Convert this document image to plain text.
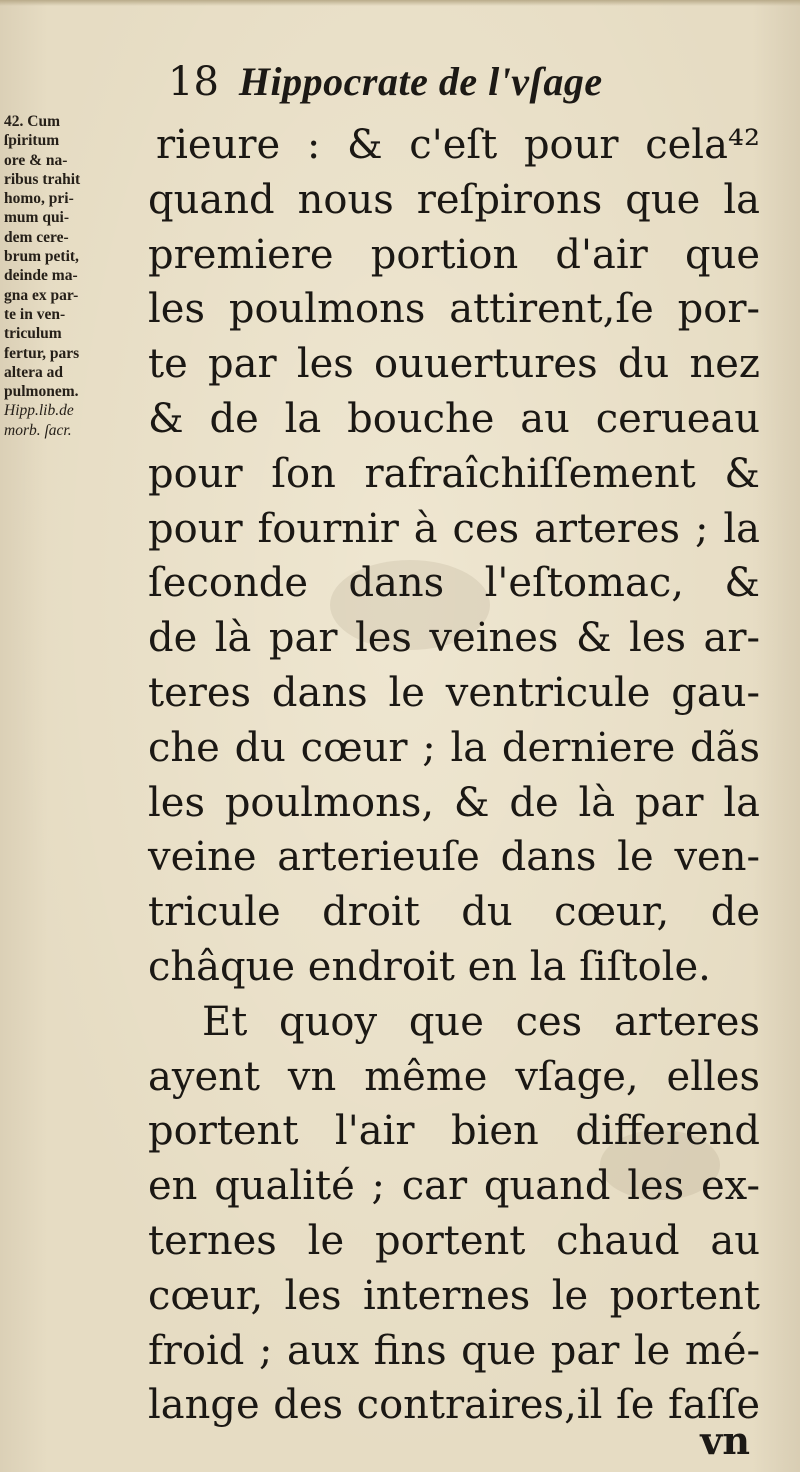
18 Hippocrate de l'vſage
42. Cum
ſpiritum
ore & na-
ribus trahit
homo, pri-
mum qui-
dem cere-
brum petit,
deinde ma-
gna ex par-
te in ven-
triculum
fertur, pars
altera ad
pulmonem.
Hipp.lib.de
morb. ſacr.
rieure : & c'eſt pour cela⁴²
quand nous reſpirons que la
premiere portion d'air que
les poulmons attirent,ſe por-
te par les ouuertures du nez
& de la bouche au cerueau
pour ſon rafraîchiſſement &
pour fournir à ces arteres ; la
ſeconde dans l'eſtomac, &
de là par les veines & les ar-
teres dans le ventricule gau-
che du cœur ; la derniere dãs
les poulmons, & de là par la
veine arterieuſe dans le ven-
tricule droit du cœur, de
châque endroit en la ſiſtole.
Et quoy que ces arteres
ayent vn même vſage, elles
portent l'air bien differend
en qualité ; car quand les ex-
ternes le portent chaud au
cœur, les internes le portent
froid ; aux fins que par le mé-
lange des contraires,il ſe faſſe
vn
